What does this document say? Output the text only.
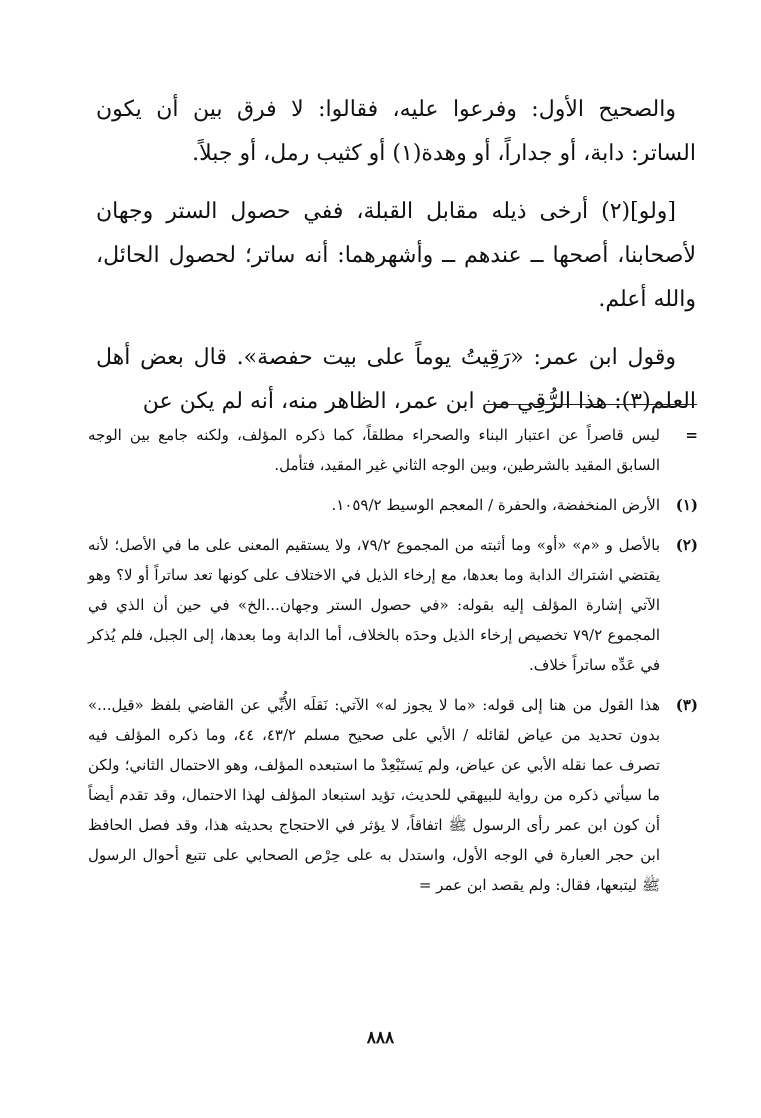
والصحيح الأول: وفرعوا عليه، فقالوا: لا فرق بين أن يكون الساتر: دابة، أو جداراً، أو وهدة(١) أو كثيب رمل، أو جبلاً.

[ولو](٢) أرخى ذيله مقابل القبلة، ففي حصول الستر وجهان لأصحابنا، أصحها ــ عندهم ــ وأشهرهما: أنه ساتر؛ لحصول الحائل، والله أعلم.

وقول ابن عمر: «رَقِيتُ يوماً على بيت حفصة». قال بعض أهل العلم(٣): هذا الرُّقِي من ابن عمر، الظاهر منه، أنه لم يكن عن

=
ليس قاصراً عن اعتبار البناء والصحراء مطلقاً، كما ذكره المؤلف، ولكنه جامع بين الوجه السابق المقيد بالشرطين، وبين الوجه الثاني غير المقيد، فتأمل.
(١)
الأرض المنخفضة، والحفرة / المعجم الوسيط ١٠٥٩/٢.
(٢)
بالأصل و «م» «أو» وما أثبته من المجموع ٧٩/٢، ولا يستقيم المعنى على ما في الأصل؛ لأنه يقتضي اشتراك الدابة وما بعدها، مع إرخاء الذيل في الاختلاف على كونها تعد ساتراً أو لا؟ وهو الآتي إشارة المؤلف إليه بقوله: «في حصول الستر وجهان...الخ» في حين أن الذي في المجموع ٧٩/٢ تخصيص إرخاء الذيل وحدَه بالخلاف، أما الدابة وما بعدها، إلى الجبل، فلم يُذكر في عَدِّه ساتراً خلاف.
(٣)
هذا القول من هنا إلى قوله: «ما لا يجوز له» الآتي: نَقلَه الأُبِّي عن القاضي بلفظ «قيل...» بدون تحديد من عياض لقائله / الأبي على صحيح مسلم ٤٣/٢، ٤٤، وما ذكره المؤلف فيه تصرف عما نقله الأبي عن عياض، ولم يَستَبْعِدْ ما استبعده المؤلف، وهو الاحتمال الثاني؛ ولكن ما سيأتي ذكره من رواية للبيهقي للحديث، تؤيد استبعاد المؤلف لهذا الاحتمال، وقد تقدم أيضاً أن كون ابن عمر رأى الرسول ﷺ اتفاقاً، لا يؤثر في الاحتجاج بحديثه هذا، وقد فصل الحافظ ابن حجر العبارة في الوجه الأول، واستدل به على حِرْص الصحابي على تتبع أحوال الرسول ﷺ ليتبعها، فقال: ولم يقصد ابن عمر =
٨٨٨
